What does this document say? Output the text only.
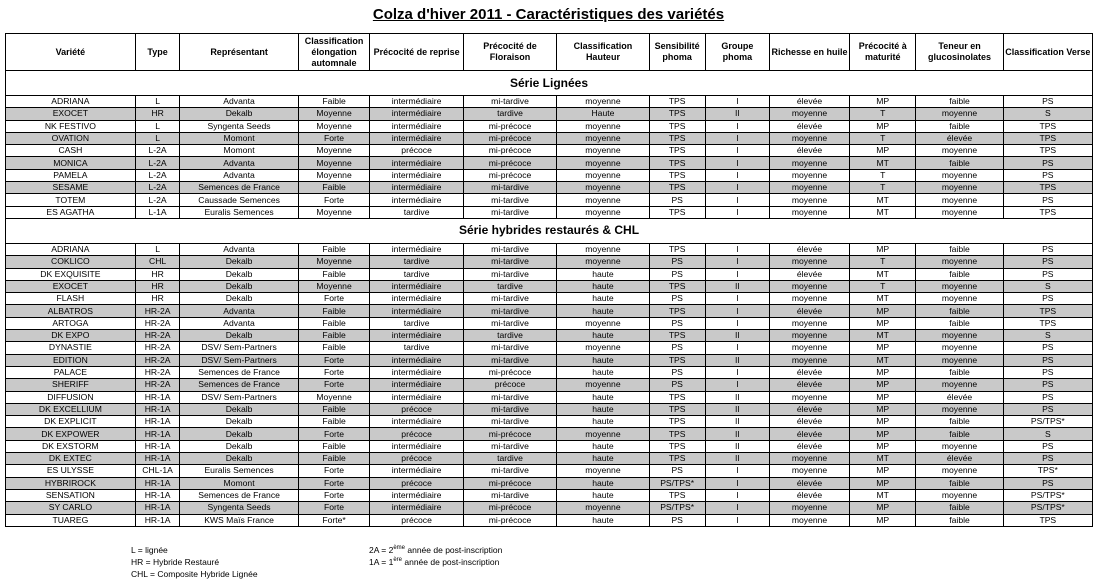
Colza d'hiver 2011 - Caractéristiques des variétés
Variété	Type	Représentant	Classification élongation automnale	Précocité de reprise	Précocité de Floraison	Classification Hauteur	Sensibilité phoma	Groupe phoma	Richesse en huile	Précocité à maturité	Teneur en glucosinolates	Classification Verse
Série Lignées												
ADRIANA	L	Advanta	Faible	intermédiaire	mi-tardive	moyenne	TPS	I	élevée	MP	faible	PS
EXOCET	HR	Dekalb	Moyenne	intermédiaire	tardive	Haute	TPS	II	moyenne	T	moyenne	S
NK FESTIVO	L	Syngenta Seeds	Moyenne	intermédiaire	mi-précoce	moyenne	TPS	I	élevée	MP	faible	TPS
OVATION	L	Momont	Forte	intermédiaire	mi-précoce	moyenne	TPS	I	moyenne	T	élevée	TPS
CASH	L-2A	Momont	Moyenne	précoce	mi-précoce	moyenne	TPS	I	élevée	MP	moyenne	TPS
MONICA	L-2A	Advanta	Moyenne	intermédiaire	mi-précoce	moyenne	TPS	I	moyenne	MT	faible	PS
PAMELA	L-2A	Advanta	Moyenne	intermédiaire	mi-précoce	moyenne	TPS	I	moyenne	T	moyenne	PS
SESAME	L-2A	Semences de France	Faible	intermédiaire	mi-tardive	moyenne	TPS	I	moyenne	T	moyenne	TPS
TOTEM	L-2A	Caussade Semences	Forte	intermédiaire	mi-tardive	moyenne	PS	I	moyenne	MT	moyenne	PS
ES AGATHA	L-1A	Euralis Semences	Moyenne	tardive	mi-tardive	moyenne	TPS	I	moyenne	MT	moyenne	TPS
Série hybrides restaurés & CHL												
ADRIANA	L	Advanta	Faible	intermédiaire	mi-tardive	moyenne	TPS	I	élevée	MP	faible	PS
COKLICO	CHL	Dekalb	Moyenne	tardive	mi-tardive	moyenne	PS	I	moyenne	T	moyenne	PS
DK EXQUISITE	HR	Dekalb	Faible	tardive	mi-tardive	haute	PS	I	élevée	MT	faible	PS
EXOCET	HR	Dekalb	Moyenne	intermédiaire	tardive	haute	TPS	II	moyenne	T	moyenne	S
FLASH	HR	Dekalb	Forte	intermédiaire	mi-tardive	haute	PS	I	moyenne	MT	moyenne	PS
ALBATROS	HR-2A	Advanta	Faible	intermédiaire	mi-tardive	haute	TPS	I	élevée	MP	faible	TPS
ARTOGA	HR-2A	Advanta	Faible	tardive	mi-tardive	moyenne	PS	I	moyenne	MP	faible	TPS
DK EXPO	HR-2A	Dekalb	Faible	intermédiaire	tardive	haute	TPS	II	moyenne	MT	moyenne	S
DYNASTIE	HR-2A	DSV/ Sem-Partners	Faible	tardive	mi-tardive	moyenne	PS	I	moyenne	MP	moyenne	PS
EDITION	HR-2A	DSV/ Sem-Partners	Forte	intermédiaire	mi-tardive	haute	TPS	II	moyenne	MT	moyenne	PS
PALACE	HR-2A	Semences de France	Forte	intermédiaire	mi-précoce	haute	PS	I	élevée	MP	faible	PS
SHERIFF	HR-2A	Semences de France	Forte	intermédiaire	précoce	moyenne	PS	I	élevée	MP	moyenne	PS
DIFFUSION	HR-1A	DSV/ Sem-Partners	Moyenne	intermédiaire	mi-tardive	haute	TPS	II	moyenne	MP	élevée	PS
DK EXCELLIUM	HR-1A	Dekalb	Faible	précoce	mi-tardive	haute	TPS	II	élevée	MP	moyenne	PS
DK EXPLICIT	HR-1A	Dekalb	Faible	intermédiaire	mi-tardive	haute	TPS	II	élevée	MP	faible	PS/TPS*
DK EXPOWER	HR-1A	Dekalb	Forte	précoce	mi-précoce	moyenne	TPS	II	élevée	MP	faible	S
DK EXSTORM	HR-1A	Dekalb	Faible	intermédiaire	mi-tardive	haute	TPS	II	élevée	MP	moyenne	PS
DK EXTEC	HR-1A	Dekalb	Faible	précoce	tardive	haute	TPS	II	moyenne	MT	élevée	PS
ES ULYSSE	CHL-1A	Euralis Semences	Forte	intermédiaire	mi-tardive	moyenne	PS	I	moyenne	MP	moyenne	TPS*
HYBRIROCK	HR-1A	Momont	Forte	précoce	mi-précoce	haute	PS/TPS*	I	élevée	MP	faible	PS
SENSATION	HR-1A	Semences de France	Forte	intermédiaire	mi-tardive	haute	TPS	I	élevée	MT	moyenne	PS/TPS*
SY CARLO	HR-1A	Syngenta Seeds	Forte	intermédiaire	mi-précoce	moyenne	PS/TPS*	I	moyenne	MP	faible	PS/TPS*
TUAREG	HR-1A	KWS Maïs France	Forte*	précoce	mi-précoce	haute	PS	I	moyenne	MP	faible	TPS
L = lignée
HR = Hybride Restauré
CHL = Composite Hybride Lignée
2A = 2ème année de post-inscription
1A = 1ère année de post-inscription
